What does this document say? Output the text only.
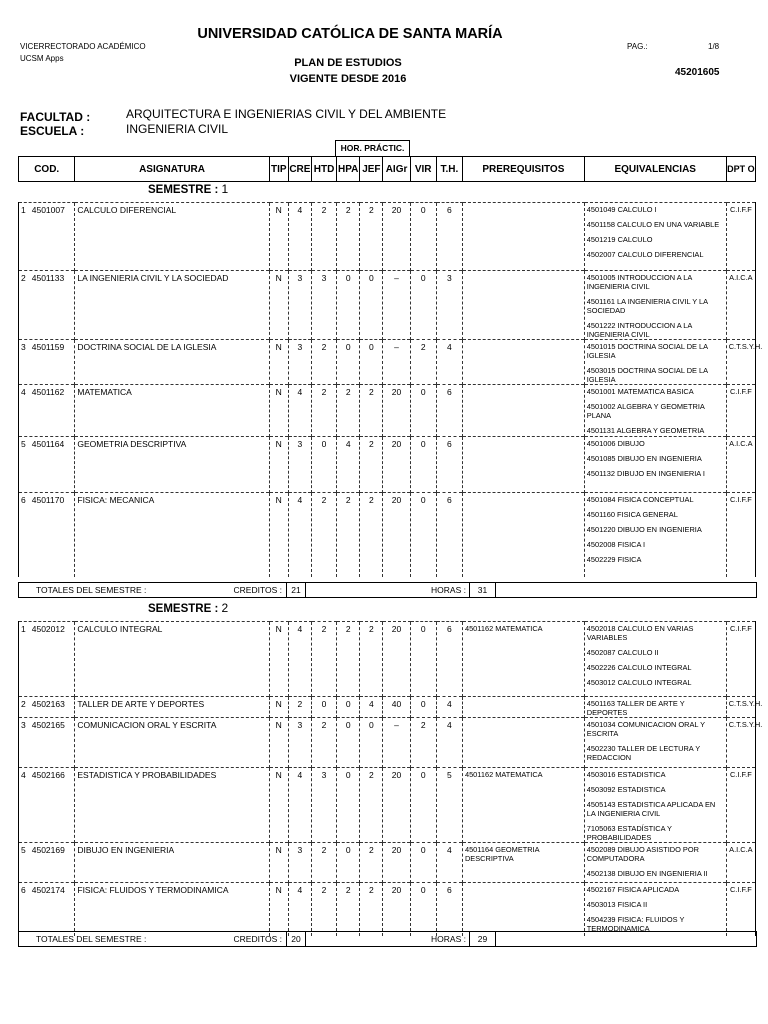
UNIVERSIDAD CATÓLICA DE SANTA MARÍA
VICERRECTORADO ACADÉMICO
UCSM Apps	PLAN DE ESTUDIOS
VIGENTE DESDE 2016
PAG.:	1/8
45201605
FACULTAD :	ARQUITECTURA E INGENIERIAS CIVIL Y DEL AMBIENTE
ESCUELA :	INGENIERIA CIVIL
HOR. PRÁCTIC.
COD.	ASIGNATURA	TIP	CRE	HTD	HPA	JEF	AIGr	VIR	T.H.	PREREQUISITOS	EQUIVALENCIAS	DPT O
SEMESTRE : 1
1 4501007	CALCULO DIFERENCIAL	N	4	2	2	2	20	0	6		4501049 CALCULO I
4501158 CALCULO EN UNA VARIABLE
4501219 CALCULO
4502007 CALCULO DIFERENCIAL	C.I.F.F
2 4501133	LA INGENIERIA CIVIL Y LA SOCIEDAD	N	3	3	0	0	–	0	3		4501005 INTRODUCCION A LA INGENIERIA CIVIL
4501161 LA INGENIERIA CIVIL Y LA SOCIEDAD
4501222 INTRODUCCION A LA INGENIERIA CIVIL	A.I.C.A
3 4501159	DOCTRINA SOCIAL DE LA IGLESIA	N	3	2	0	0	–	2	4		4501015 DOCTRINA SOCIAL DE LA IGLESIA
4503015 DOCTRINA SOCIAL DE LA IGLESIA	C.T.S.Y.H.
4 4501162	MATEMATICA	N	4	2	2	2	20	0	6		4501001 MATEMATICA BASICA
4501002 ALGEBRA Y GEOMETRIA PLANA
4501131 ALGEBRA Y GEOMETRIA	C.I.F.F
5 4501164	GEOMETRIA DESCRIPTIVA	N	3	0	4	2	20	0	6		4501006 DIBUJO
4501085 DIBUJO EN INGENIERIA
4501132 DIBUJO EN INGENIERIA I	A.I.C.A
6 4501170	FISICA: MECANICA	N	4	2	2	2	20	0	6		4501084 FISICA CONCEPTUAL
4501160 FISICA GENERAL
4501220 DIBUJO EN INGENIERIA
4502008 FISICA I
4502229 FISICA	C.I.F.F
TOTALES DEL SEMESTRE :	CREDITOS :	21	HORAS :	31	
SEMESTRE : 2
1 4502012	CALCULO INTEGRAL	N	4	2	2	2	20	0	6	4501162 MATEMATICA	4502018 CALCULO EN VARIAS VARIABLES
4502087 CALCULO II
4502226 CALCULO INTEGRAL
4503012 CALCULO INTEGRAL	C.I.F.F
2 4502163	TALLER DE ARTE Y DEPORTES	N	2	0	0	4	40	0	4		4501163 TALLER DE ARTE Y DEPORTES	C.T.S.Y.H.
3 4502165	COMUNICACION ORAL Y ESCRITA	N	3	2	0	0	–	2	4		4501034 COMUNICACION ORAL Y ESCRITA
4502230 TALLER DE LECTURA Y REDACCION	C.T.S.Y.H.
4 4502166	ESTADISTICA Y PROBABILIDADES	N	4	3	0	2	20	0	5	4501162 MATEMATICA	4503016 ESTADISTICA
4503092 ESTADISTICA
4505143 ESTADISTICA APLICADA EN LA INGENIERIA CIVIL
7105063 ESTADÍSTICA Y PROBABILIDADES	C.I.F.F
5 4502169	DIBUJO EN INGENIERIA	N	3	2	0	2	20	0	4	4501164 GEOMETRIA DESCRIPTIVA	4502089 DIBUJO ASISTIDO POR COMPUTADORA
4502138 DIBUJO EN INGENIERIA II	A.I.C.A
6 4502174	FISICA: FLUIDOS Y TERMODINAMICA	N	4	2	2	2	20	0	6		4502167 FISICA APLICADA
4503013 FISICA II
4504239 FISICA: FLUIDOS Y TERMODINAMICA	C.I.F.F
TOTALES DEL SEMESTRE :	CREDITOS :	20	HORAS :	29	
